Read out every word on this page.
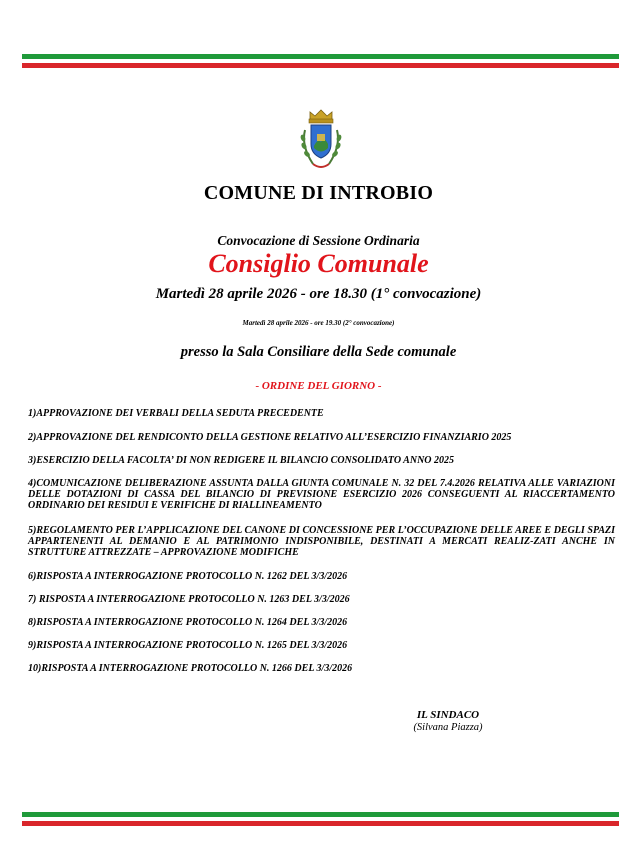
COMUNE DI INTROBIO
Convocazione di Sessione Ordinaria
Consiglio Comunale
Martedì 28 aprile 2026 - ore 18.30 (1° convocazione)
Martedì 28 aprile 2026 - ore 19.30 (2° convocazione)
presso la Sala Consiliare della Sede comunale
- ORDINE DEL GIORNO -

1)APPROVAZIONE DEI VERBALI DELLA SEDUTA PRECEDENTE

2)APPROVAZIONE DEL RENDICONTO DELLA GESTIONE RELATIVO ALL’ESERCIZIO FINANZIARIO 2025

3)ESERCIZIO DELLA FACOLTA’ DI NON REDIGERE IL BILANCIO CONSOLIDATO ANNO 2025

4)COMUNICAZIONE DELIBERAZIONE ASSUNTA DALLA GIUNTA COMUNALE N. 32 DEL 7.4.2026 RELATIVA ALLE VARIAZIONI DELLE DOTAZIONI DI CASSA DEL BILANCIO DI PREVISIONE ESERCIZIO 2026 CONSEGUENTI AL RIACCERTAMENTO ORDINARIO DEI RESIDUI E VERIFICHE DI RIALLINEAMENTO

5)REGOLAMENTO PER L’APPLICAZIONE DEL CANONE DI CONCESSIONE PER L’OCCUPAZIONE DELLE AREE E DEGLI SPAZI APPARTENENTI AL DEMANIO E AL PATRIMONIO INDISPONIBILE, DESTINATI A MERCATI REALIZ-ZATI ANCHE IN STRUTTURE ATTREZZATE – APPROVAZIONE MODIFICHE

6)RISPOSTA A INTERROGAZIONE PROTOCOLLO N. 1262 DEL 3/3/2026

7) RISPOSTA A INTERROGAZIONE PROTOCOLLO N. 1263 DEL 3/3/2026

8)RISPOSTA A INTERROGAZIONE PROTOCOLLO N. 1264 DEL 3/3/2026

9)RISPOSTA A INTERROGAZIONE PROTOCOLLO N. 1265 DEL 3/3/2026

10)RISPOSTA A INTERROGAZIONE PROTOCOLLO N. 1266 DEL 3/3/2026

IL SINDACO
(Silvana Piazza)
